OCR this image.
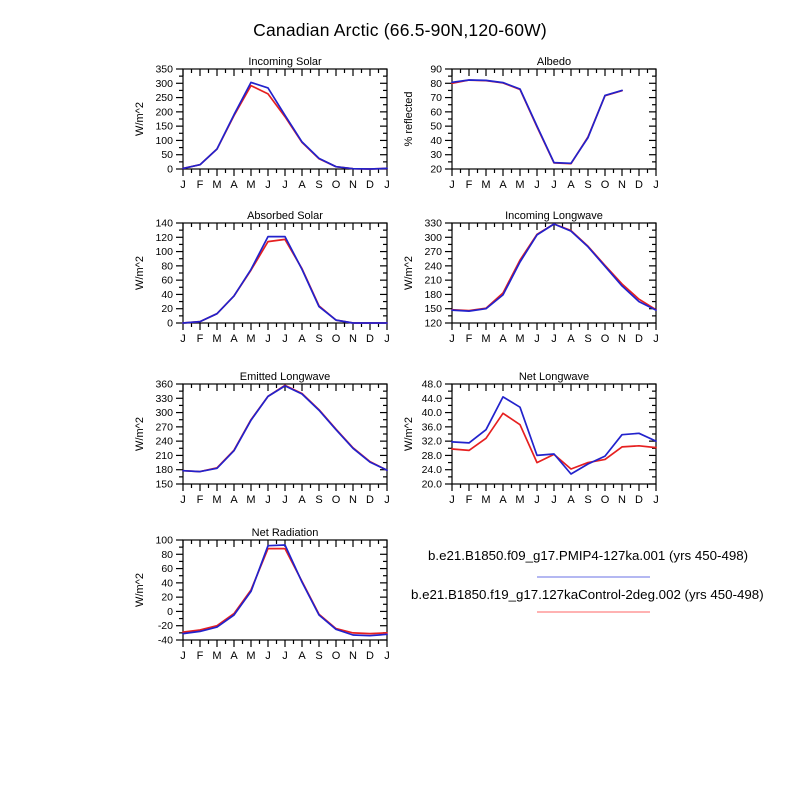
Canadian Arctic (66.5-90N,120-60W)
Incoming Solar
0
50
100
150
200
250
300
350
J F M A M J J A S O N D J
W/m^2
Albedo
20
30
40
50
60
70
80
90
J F M A M J J A S O N D J
% reflected
Absorbed Solar
0
20
40
60
80
100
120
140
J F M A M J J A S O N D J
W/m^2
Incoming Longwave
120
150
180
210
240
270
300
330
J F M A M J J A S O N D J
W/m^2
Emitted Longwave
150
180
210
240
270
300
330
360
J F M A M J J A S O N D J
W/m^2
Net Longwave
20.0
24.0
28.0
32.0
36.0
40.0
44.0
48.0
J F M A M J J A S O N D J
W/m^2
Net Radiation
-40
-20
0
20
40
60
80
100
J F M A M J J A S O N D J
W/m^2
b.e21.B1850.f09_g17.PMIP4-127ka.001 (yrs 450-498)
b.e21.B1850.f19_g17.127kaControl-2deg.002 (yrs 450-498)
